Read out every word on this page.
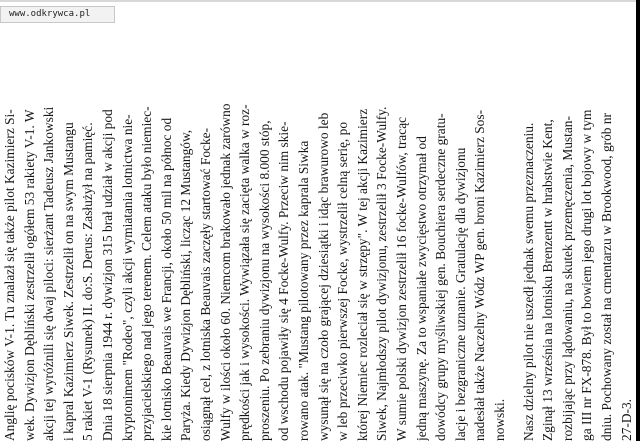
www.odkrywca.pl
Anglię pocisków V-1. Tu znalazł się także pilot Kazimierz Si- wek. Dywizjon Dębliński zestrzelił ogółem 53 rakiety V-1. W akcji tej wyróżnili się dwaj piloci: sierżant Tadeusz Jankowski i kapral Kazimierz Siwek. Zestrzelił on na swym Mustangu 5 rakiet V-1 (Rysunek) II. do:S. Derus: Zasłużył na pamięć. Dnia 18 sierpnia 1944 r. dywizjon 315 brał udział w akcji pod kryptonimem "Rodeo", czyli akcji wymiatania lotnictwa nie- przyjacielskiego nad jego terenem. Celem ataku było niemiec- kie lotnisko Beauvais we Francji, około 50 mil na północ od Paryża. Kiedy Dywizjon Dębliński, licząc 12 Mustangów, osiągnął cel, z lotniska Beauvais zaczęły startować Focke- Wulfy w ilości około 60. Niemcom brakowało jednak zarówno prędkości jak i wysokości. Wywiązała się zacięta walka w roz- proszeniu. Po zebraniu dywizjonu na wysokości 8.000 stóp, od wschodu pojawiły się 4 Focke-Wulfy. Przeciw nim skie- rowano atak. "Mustang pilotowany przez kaprala Siwka wysunął się na czoło grającej dziesiątki i idąc brawurowo leb w leb przeciwko pierwszej Focke, wystrzelił celną serię, po której Niemiec rozleciał się w strzępy". W tej akcji Kazimierz Siwek, Najmłodszy pilot dywizjonu, zestrzelił 3 Focke-Wulfy. W sumie polski dywizjon zestrzelił 16 focke-Wulfów, tracąc jedną maszynę. Za to wspaniałe zwycięstwo otrzymał od dowódcy grupy myśliwskiej gen. Bouchiera serdeczne gratu- lacje i bezgraniczne uznanie. Gratulację dla dywizjonu nadesłał także Naczelny Wódz WP gen. broni Kazimierz Sos- nowski. Nasz dzielny pilot nie uszedł jednak swemu przeznaczeniu. Zginął 13 września na lotnisku Brenzentt w hrabstwie Kent, rozbijając przy lądowaniu, na skutek przemęczenia, Mustan- ga III nr FX-878. Był to bowiem jego drugi lot bojowy w tym dniu. Pochowany został na cmentarzu w Brookwood, grób nr 27-D-3.
